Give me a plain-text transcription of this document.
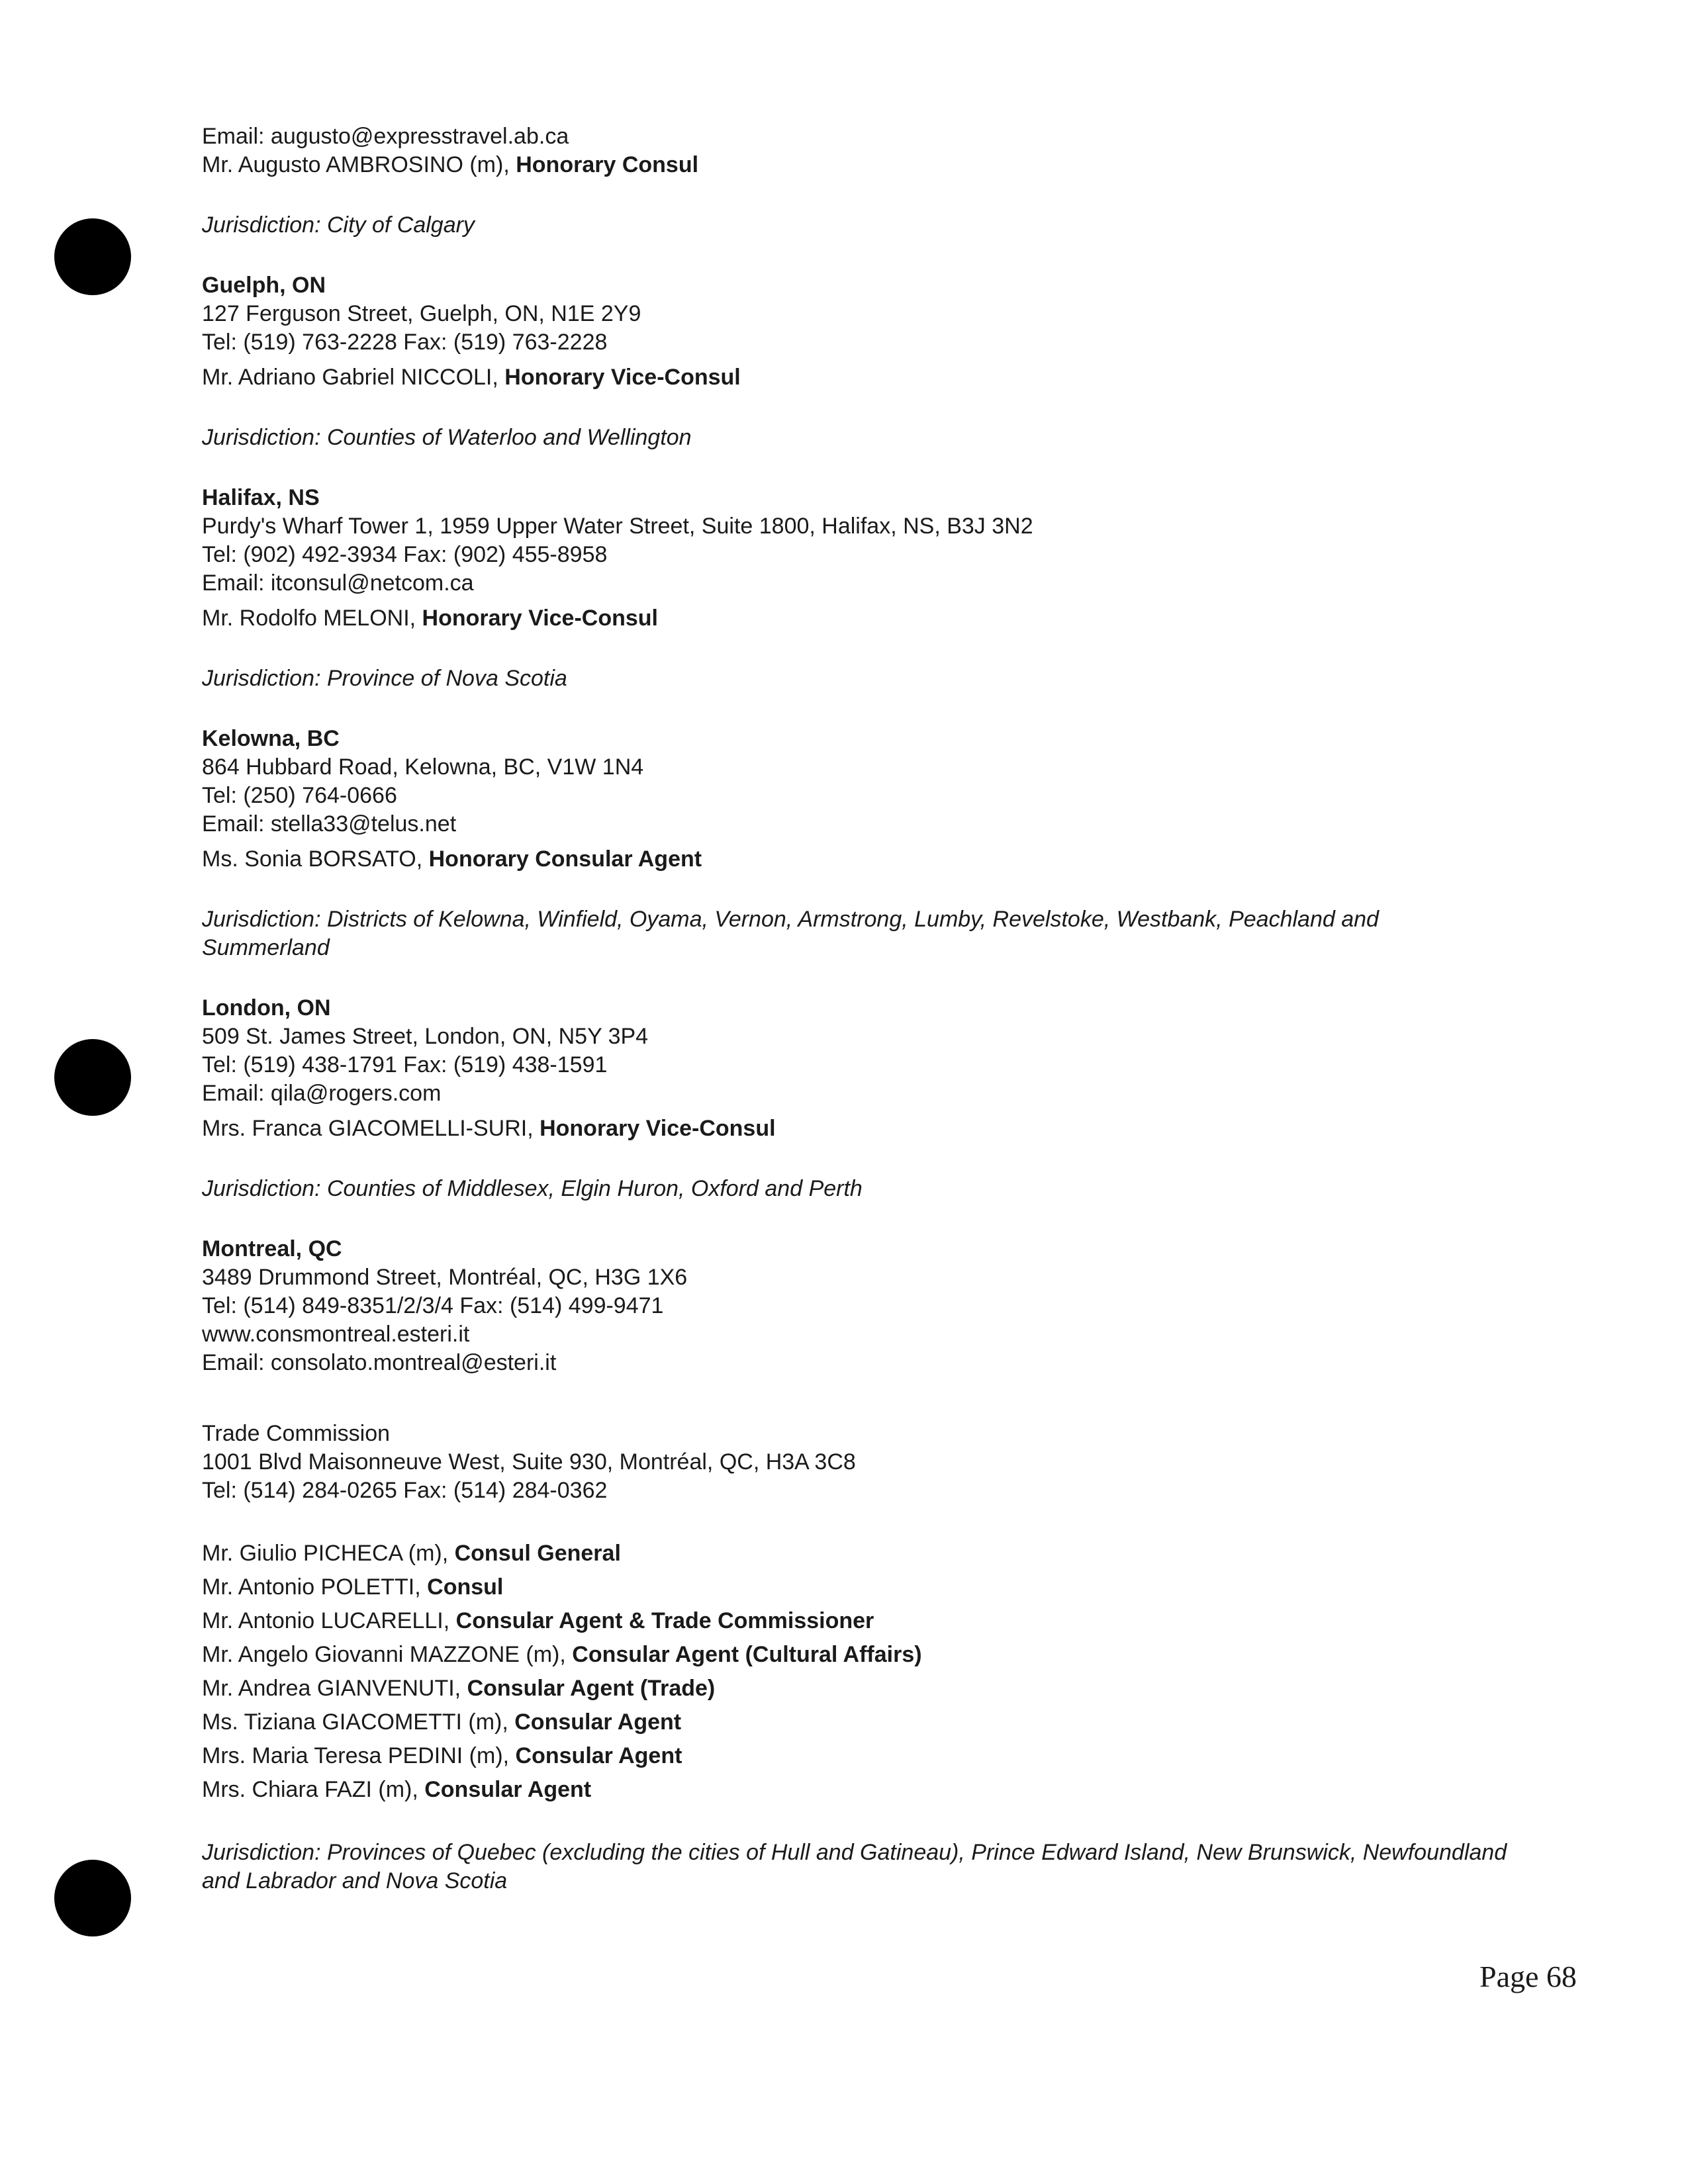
Email: augusto@expresstravel.ab.ca
Mr. Augusto AMBROSINO (m), Honorary Consul
Jurisdiction: City of Calgary
Guelph, ON
127 Ferguson Street, Guelph, ON, N1E 2Y9
Tel: (519) 763-2228 Fax: (519) 763-2228
Mr. Adriano Gabriel NICCOLI, Honorary Vice-Consul
Jurisdiction: Counties of Waterloo and Wellington
Halifax, NS
Purdy's Wharf Tower 1, 1959 Upper Water Street, Suite 1800, Halifax, NS, B3J 3N2
Tel: (902) 492-3934 Fax: (902) 455-8958
Email: itconsul@netcom.ca
Mr. Rodolfo MELONI, Honorary Vice-Consul
Jurisdiction: Province of Nova Scotia
Kelowna, BC
864 Hubbard Road, Kelowna, BC, V1W 1N4
Tel: (250) 764-0666
Email: stella33@telus.net
Ms. Sonia BORSATO, Honorary Consular Agent
Jurisdiction: Districts of Kelowna, Winfield, Oyama, Vernon, Armstrong, Lumby, Revelstoke, Westbank, Peachland and Summerland
London, ON
509 St. James Street, London, ON, N5Y 3P4
Tel: (519) 438-1791 Fax: (519) 438-1591
Email: qila@rogers.com
Mrs. Franca GIACOMELLI-SURI, Honorary Vice-Consul
Jurisdiction: Counties of Middlesex, Elgin Huron, Oxford and Perth
Montreal, QC
3489 Drummond Street, Montréal, QC, H3G 1X6
Tel: (514) 849-8351/2/3/4 Fax: (514) 499-9471
www.consmontreal.esteri.it
Email: consolato.montreal@esteri.it
Trade Commission
1001 Blvd Maisonneuve West, Suite 930, Montréal, QC, H3A 3C8
Tel: (514) 284-0265 Fax: (514) 284-0362
Mr. Giulio PICHECA (m), Consul General
Mr. Antonio POLETTI, Consul
Mr. Antonio LUCARELLI, Consular Agent & Trade Commissioner
Mr. Angelo Giovanni MAZZONE (m), Consular Agent (Cultural Affairs)
Mr. Andrea GIANVENUTI, Consular Agent (Trade)
Ms. Tiziana GIACOMETTI (m), Consular Agent
Mrs. Maria Teresa PEDINI (m), Consular Agent
Mrs. Chiara FAZI (m), Consular Agent
Jurisdiction: Provinces of Quebec (excluding the cities of Hull and Gatineau), Prince Edward Island, New Brunswick, Newfoundland and Labrador and Nova Scotia
Page 68
